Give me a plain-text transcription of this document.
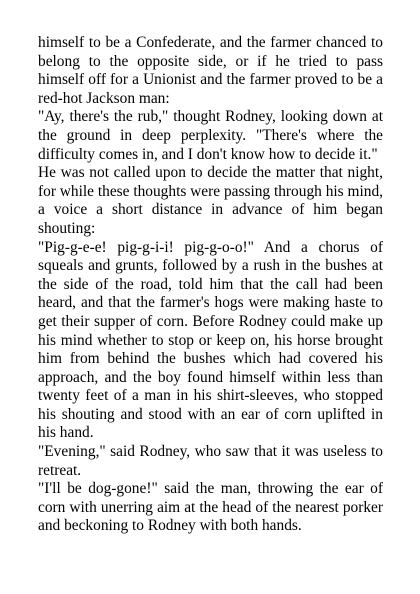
himself to be a Confederate, and the farmer chanced to belong to the opposite side, or if he tried to pass himself off for a Unionist and the farmer proved to be a red-hot Jackson man:

"Ay, there's the rub," thought Rodney, looking down at the ground in deep perplexity. "There's where the difficulty comes in, and I don't know how to decide it."

He was not called upon to decide the matter that night, for while these thoughts were passing through his mind, a voice a short distance in advance of him began shouting:

"Pig-g-e-e! pig-g-i-i! pig-g-o-o!" And a chorus of squeals and grunts, followed by a rush in the bushes at the side of the road, told him that the call had been heard, and that the farmer's hogs were making haste to get their supper of corn. Before Rodney could make up his mind whether to stop or keep on, his horse brought him from behind the bushes which had covered his approach, and the boy found himself within less than twenty feet of a man in his shirt-sleeves, who stopped his shouting and stood with an ear of corn uplifted in his hand.

"Evening," said Rodney, who saw that it was useless to retreat.

"I'll be dog-gone!" said the man, throwing the ear of corn with unerring aim at the head of the nearest porker and beckoning to Rodney with both hands.
